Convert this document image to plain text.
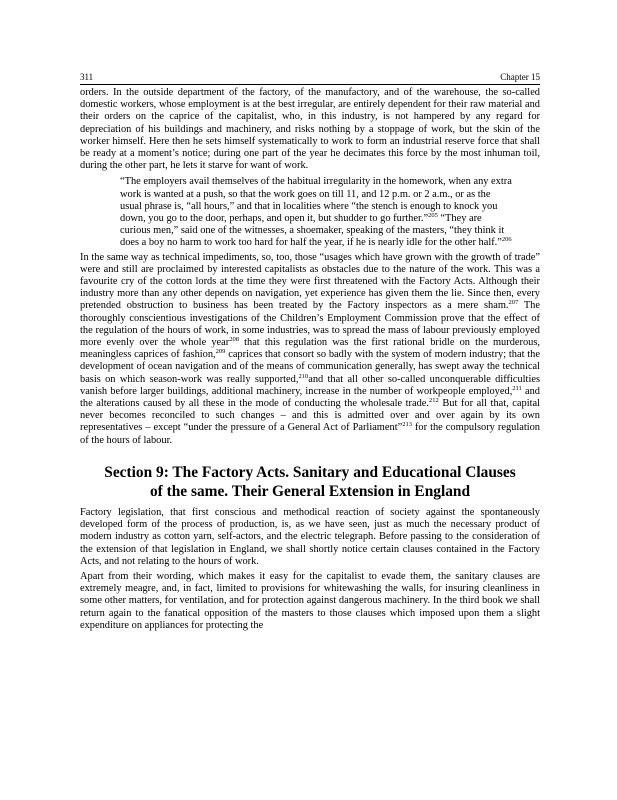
311	Chapter 15

orders. In the outside department of the factory, of the manufactory, and of the warehouse, the so-called domestic workers, whose employment is at the best irregular, are entirely dependent for their raw material and their orders on the caprice of the capitalist, who, in this industry, is not hampered by any regard for depreciation of his buildings and machinery, and risks nothing by a stoppage of work, but the skin of the worker himself. Here then he sets himself systematically to work to form an industrial reserve force that shall be ready at a moment’s notice; during one part of the year he decimates this force by the most inhuman toil, during the other part, he lets it starve for want of work.

“The employers avail themselves of the habitual irregularity in the homework, when any extra work is wanted at a push, so that the work goes on till 11, and 12 p.m. or 2 a.m., or as the usual phrase is, “all hours,” and that in localities where “the stench is enough to knock you down, you go to the door, perhaps, and open it, but shudder to go further.”$^{205}$ “They are curious men,” said one of the witnesses, a shoemaker, speaking of the masters, “they think it does a boy no harm to work too hard for half the year, if he is nearly idle for the other half.”$^{206}$

In the same way as technical impediments, so, too, those “usages which have grown with the growth of trade” were and still are proclaimed by interested capitalists as obstacles due to the nature of the work. This was a favourite cry of the cotton lords at the time they were first threatened with the Factory Acts. Although their industry more than any other depends on navigation, yet experience has given them the lie. Since then, every pretended obstruction to business has been treated by the Factory inspectors as a mere sham.$^{207}$ The thoroughly conscientious investigations of the Children’s Employment Commission prove that the effect of the regulation of the hours of work, in some industries, was to spread the mass of labour previously employed more evenly over the whole year$^{208}$ that this regulation was the first rational bridle on the murderous, meaningless caprices of fashion,$^{209}$ caprices that consort so badly with the system of modern industry; that the development of ocean navigation and of the means of communication generally, has swept away the technical basis on which season-work was really supported,$^{210}$and that all other so-called unconquerable difficulties vanish before larger buildings, additional machinery, increase in the number of workpeople employed,$^{211}$ and the alterations caused by all these in the mode of conducting the wholesale trade.$^{212}$ But for all that, capital never becomes reconciled to such changes – and this is admitted over and over again by its own representatives – except “under the pressure of a General Act of Parliament”$^{213}$ for the compulsory regulation of the hours of labour.

Section 9: The Factory Acts. Sanitary and Educational Clauses
of the same. Their General Extension in England

Factory legislation, that first conscious and methodical reaction of society against the spontaneously developed form of the process of production, is, as we have seen, just as much the necessary product of modern industry as cotton yarn, self-actors, and the electric telegraph. Before passing to the consideration of the extension of that legislation in England, we shall shortly notice certain clauses contained in the Factory Acts, and not relating to the hours of work.

Apart from their wording, which makes it easy for the capitalist to evade them, the sanitary clauses are extremely meagre, and, in fact, limited to provisions for whitewashing the walls, for insuring cleanliness in some other matters, for ventilation, and for protection against dangerous machinery. In the third book we shall return again to the fanatical opposition of the masters to those clauses which imposed upon them a slight expenditure on appliances for protecting the
